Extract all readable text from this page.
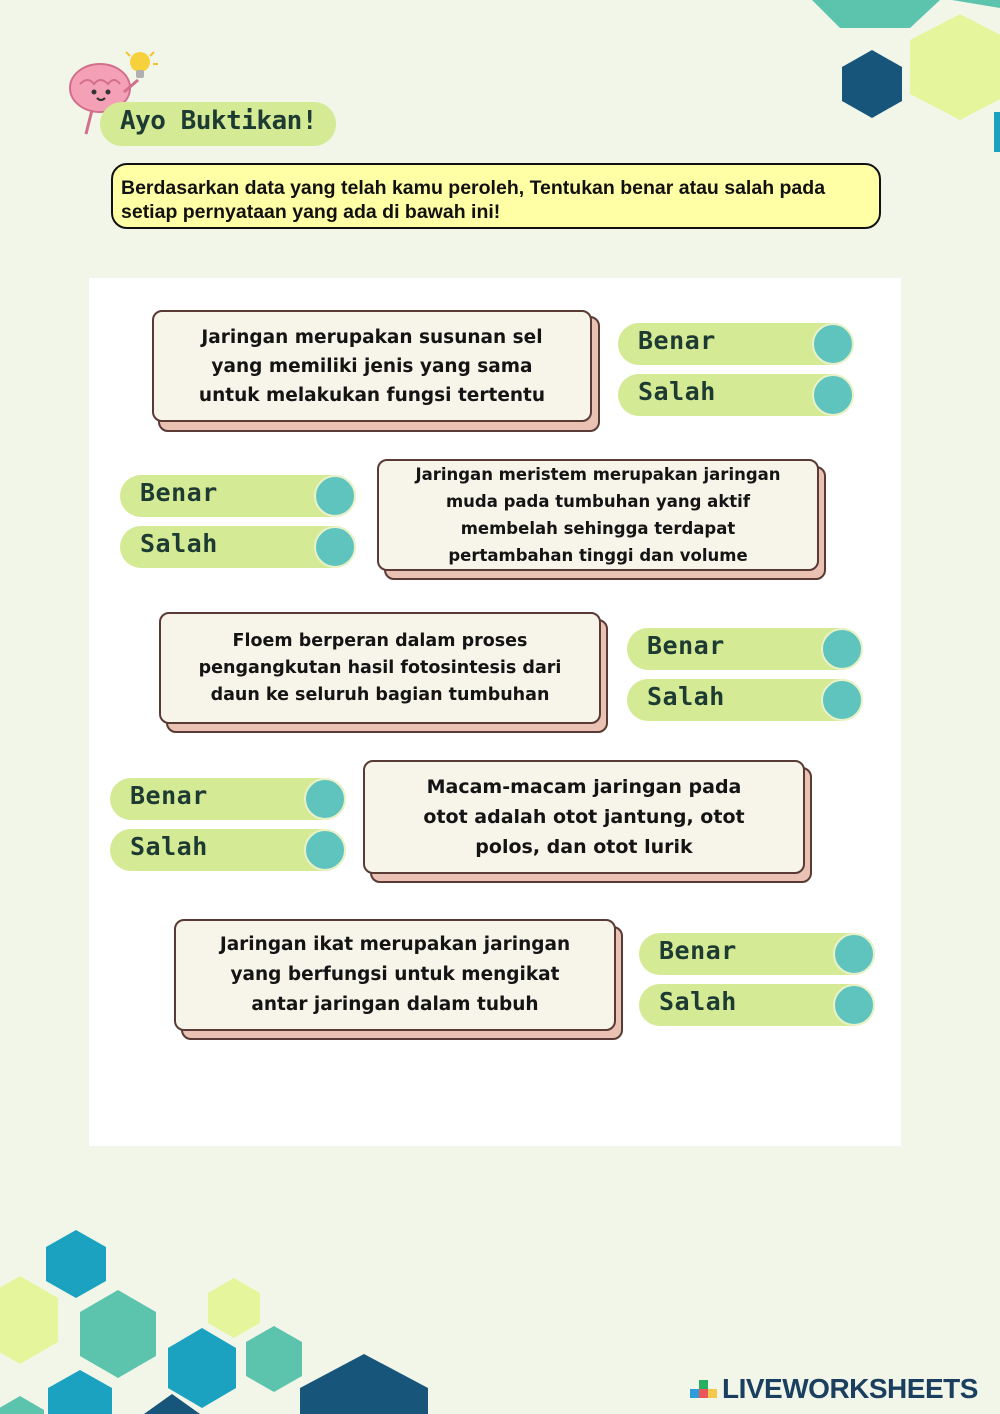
Ayo Buktikan!
Berdasarkan data yang telah kamu peroleh, Tentukan benar atau salah pada setiap pernyataan yang ada di bawah ini!
Jaringan merupakan susunan sel
yang memiliki jenis yang sama
untuk melakukan fungsi tertentu
Benar
Salah
Benar
Salah
Jaringan meristem merupakan jaringan
muda pada tumbuhan yang aktif
membelah sehingga terdapat
pertambahan tinggi dan volume
Floem berperan dalam proses
pengangkutan hasil fotosintesis dari
daun ke seluruh bagian tumbuhan
Benar
Salah
Benar
Salah
Macam-macam jaringan pada
otot adalah otot jantung, otot
polos, dan otot lurik
Jaringan ikat merupakan jaringan
yang berfungsi untuk mengikat
antar jaringan dalam tubuh
Benar
Salah
LIVEWORKSHEETS
